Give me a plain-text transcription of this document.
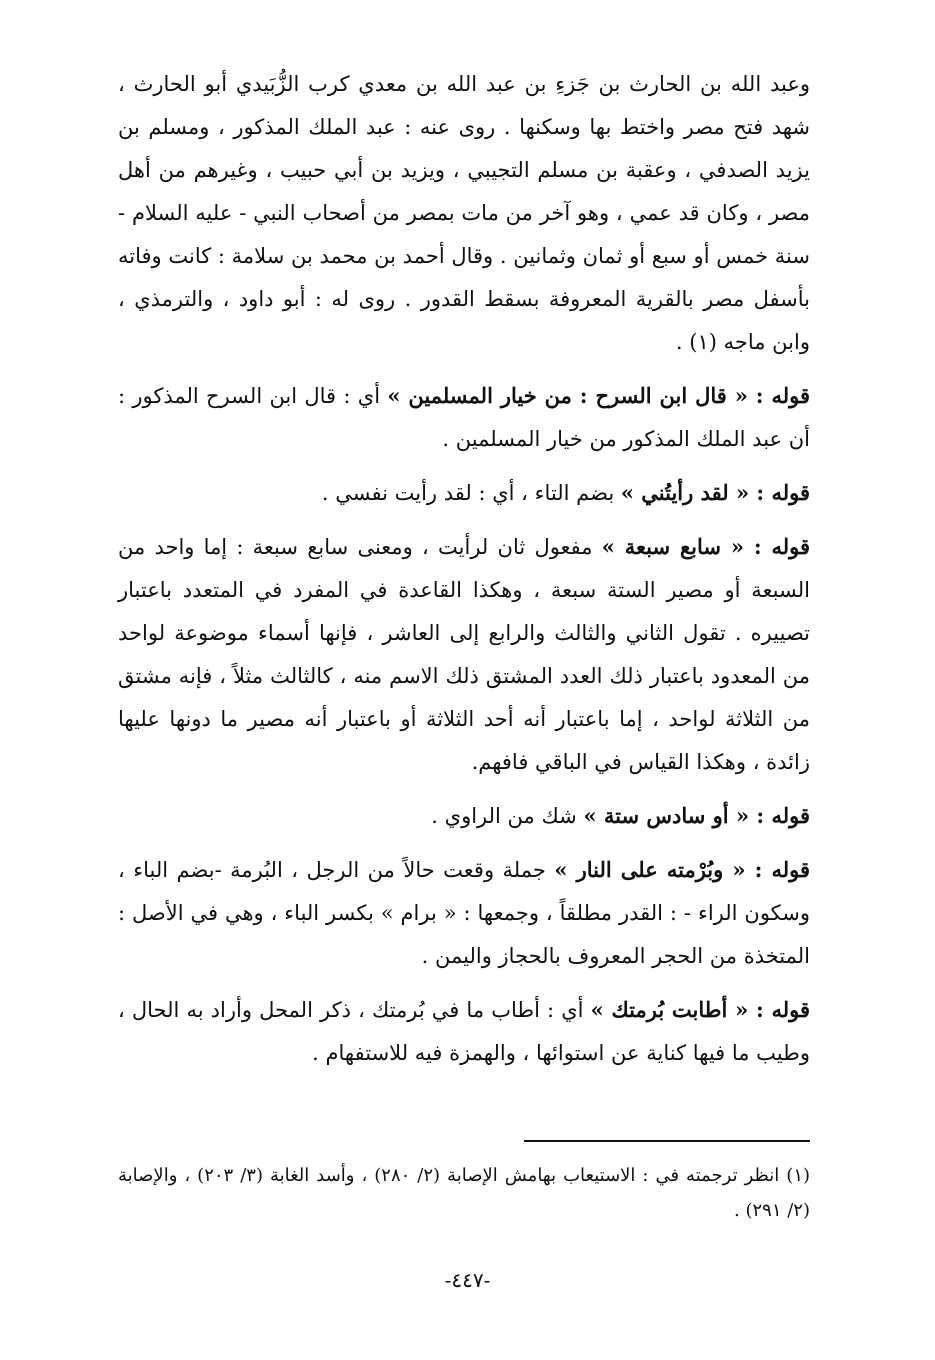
وعبد الله بن الحارث بن جَزءِ بن عبد الله بن معدي كرب الزُّبَيدي أبو الحارث ، شهد فتح مصر واختط بها وسكنها . روى عنه : عبد الملك المذكور ، ومسلم بن يزيد الصدفي ، وعقبة بن مسلم التجيبي ، ويزيد بن أبي حبيب ، وغيرهم من أهل مصر ، وكان قد عمي ، وهو آخر من مات بمصر من أصحاب النبي - عليه السلام - سنة خمس أو سبع أو ثمان وثمانين . وقال أحمد بن محمد بن سلامة : كانت وفاته بأسفل مصر بالقرية المعروفة بسقط القدور . روى له : أبو داود ، والترمذي ، وابن ماجه (١) .

قوله : « قال ابن السرح : من خيار المسلمين » أي : قال ابن السرح المذكور : أن عبد الملك المذكور من خيار المسلمين .

قوله : « لقد رأيتُني » بضم التاء ، أي : لقد رأيت نفسي .

قوله : « سابع سبعة » مفعول ثان لرأيت ، ومعنى سابع سبعة : إما واحد من السبعة أو مصير الستة سبعة ، وهكذا القاعدة في المفرد في المتعدد باعتبار تصييره . تقول الثاني والثالث والرابع إلى العاشر ، فإنها أسماء موضوعة لواحد من المعدود باعتبار ذلك العدد المشتق ذلك الاسم منه ، كالثالث مثلاً ، فإنه مشتق من الثلاثة لواحد ، إما باعتبار أنه أحد الثلاثة أو باعتبار أنه مصير ما دونها عليها زائدة ، وهكذا القياس في الباقي فافهم.

قوله : « أو سادس ستة » شك من الراوي .

قوله : « وبُرْمته على النار » جملة وقعت حالاً من الرجل ، البُرمة -بضم الباء ، وسكون الراء - : القدر مطلقاً ، وجمعها : « برام » بكسر الباء ، وهي في الأصل : المتخذة من الحجر المعروف بالحجاز واليمن .

قوله : « أطابت بُرمتك » أي : أطاب ما في بُرمتك ، ذكر المحل وأراد به الحال ، وطيب ما فيها كناية عن استوائها ، والهمزة فيه للاستفهام .

(١) انظر ترجمته في : الاستيعاب بهامش الإصابة (٢/ ٢٨٠) ، وأسد الغابة (٣/ ٢٠٣) ، والإصابة (٢/ ٢٩١) .

-٤٤٧-
